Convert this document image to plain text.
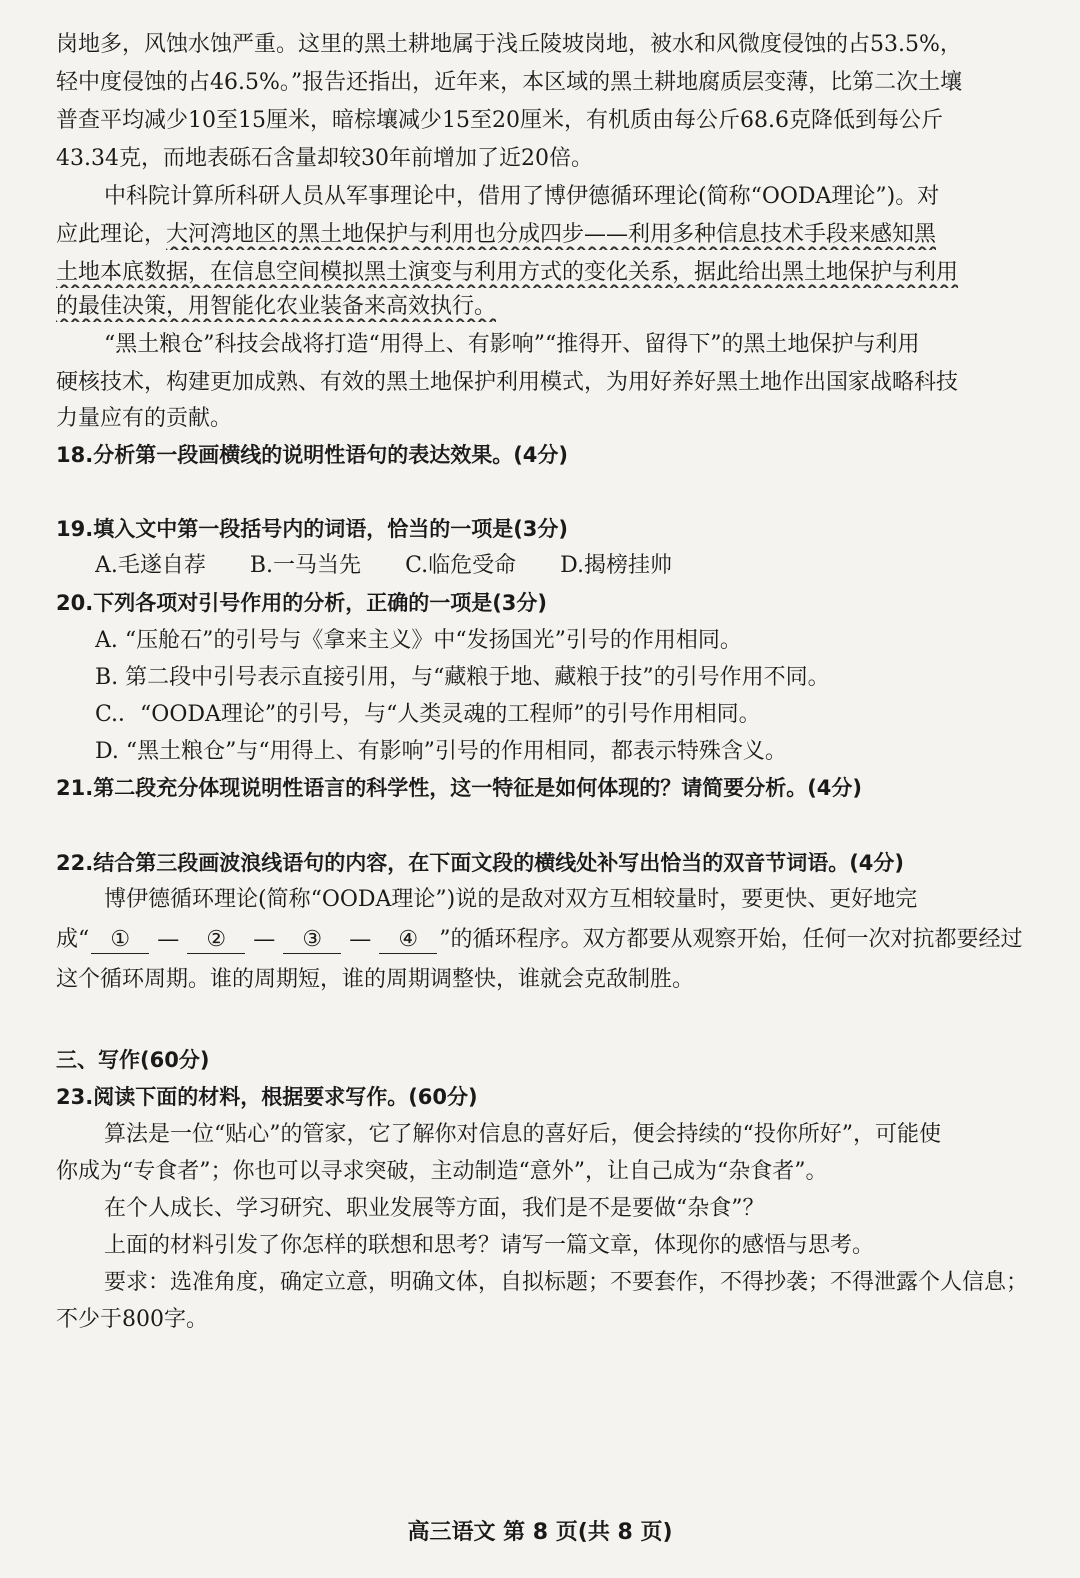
岗地多，风蚀水蚀严重。这里的黑土耕地属于浅丘陵坡岗地，被水和风微度侵蚀的占53.5%，
轻中度侵蚀的占46.5%。”报告还指出，近年来，本区域的黑土耕地腐质层变薄，比第二次土壤
普查平均减少10至15厘米，暗棕壤减少15至20厘米，有机质由每公斤68.6克降低到每公斤
43.34克，而地表砾石含量却较30年前增加了近20倍。
中科院计算所科研人员从军事理论中，借用了博伊德循环理论(简称“OODA理论”)。对
应此理论，大河湾地区的黑土地保护与利用也分成四步——利用多种信息技术手段来感知黑
土地本底数据，在信息空间模拟黑土演变与利用方式的变化关系，据此给出黑土地保护与利用
的最佳决策，用智能化农业装备来高效执行。
“黑土粮仓”科技会战将打造“用得上、有影响”“推得开、留得下”的黑土地保护与利用
硬核技术，构建更加成熟、有效的黑土地保护利用模式，为用好养好黑土地作出国家战略科技
力量应有的贡献。
18.分析第一段画横线的说明性语句的表达效果。(4分)
19.填入文中第一段括号内的词语，恰当的一项是(3分)
A.毛遂自荐 B.一马当先 C.临危受命 D.揭榜挂帅
20.下列各项对引号作用的分析，正确的一项是(3分)
A. “压舱石”的引号与《拿来主义》中“发扬国光”引号的作用相同。
B. 第二段中引号表示直接引用，与“藏粮于地、藏粮于技”的引号作用不同。
C.．“OODA理论”的引号，与“人类灵魂的工程师”的引号作用相同。
D. “黑土粮仓”与“用得上、有影响”引号的作用相同，都表示特殊含义。
21.第二段充分体现说明性语言的科学性，这一特征是如何体现的？请简要分析。(4分)
22.结合第三段画波浪线语句的内容，在下面文段的横线处补写出恰当的双音节词语。(4分)
博伊德循环理论(简称“OODA理论”)说的是敌对双方互相较量时，要更快、更好地完
成“ ① — ② — ③ — ④ ”的循环程序。双方都要从观察开始，任何一次对抗都要经过
这个循环周期。谁的周期短，谁的周期调整快，谁就会克敌制胜。
三、写作(60分)
23.阅读下面的材料，根据要求写作。(60分)
算法是一位“贴心”的管家，它了解你对信息的喜好后，便会持续的“投你所好”，可能使
你成为“专食者”；你也可以寻求突破，主动制造“意外”，让自己成为“杂食者”。
在个人成长、学习研究、职业发展等方面，我们是不是要做“杂食”？
上面的材料引发了你怎样的联想和思考？请写一篇文章，体现你的感悟与思考。
要求：选准角度，确定立意，明确文体，自拟标题；不要套作，不得抄袭；不得泄露个人信息；
不少于800字。
高三语文 第 8 页(共 8 页)
